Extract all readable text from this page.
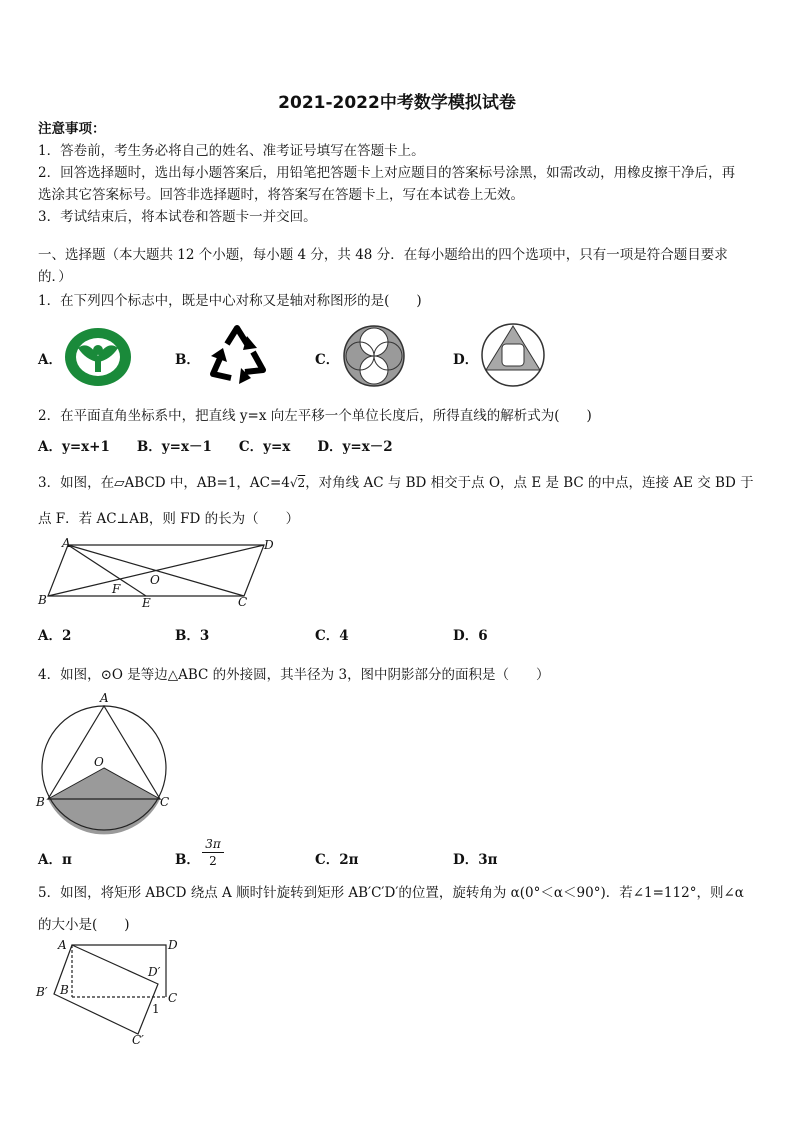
2021-2022中考数学模拟试卷
注意事项：
1．答卷前，考生务必将自己的姓名、准考证号填写在答题卡上。
2．回答选择题时，选出每小题答案后，用铅笔把答题卡上对应题目的答案标号涂黑，如需改动，用橡皮擦干净后，再
选涂其它答案标号。回答非选择题时，将答案写在答题卡上，写在本试卷上无效。
3．考试结束后，将本试卷和答题卡一并交回。
一、选择题（本大题共 12 个小题，每小题 4 分，共 48 分．在每小题给出的四个选项中，只有一项是符合题目要求
的．）
1．在下列四个标志中，既是中心对称又是轴对称图形的是(　　)
A．	B．	C．	D．
2．在平面直角坐标系中，把直线 y=x 向左平移一个单位长度后，所得直线的解析式为(　　)
A．y=x+1　　B．y=x－1　　C．y=x　　D．y=x－2
3．如图，在▱ABCD 中，AB=1，AC=4√2，对角线 AC 与 BD 相交于点 O，点 E 是 BC 的中点，连接 AE 交 BD 于
点 F．若 AC⊥AB，则 FD 的长为（　　）
A	D
B	C
O
E
F
A．2	B．3	C．4	D．6
4．如图，⊙O 是等边△ABC 的外接圆，其半径为 3，图中阴影部分的面积是（　　）
A
O
B	C
A．π	B． $\frac{3\pi}{2}$	C．2π	D．3π
5．如图，将矩形 ABCD 绕点 A 顺时针旋转到矩形 AB′C′D′的位置，旋转角为 α(0°＜α＜90°)．若∠1=112°，则∠α
的大小是(　　)
A	D
D′
B′ B
C
1
C′
